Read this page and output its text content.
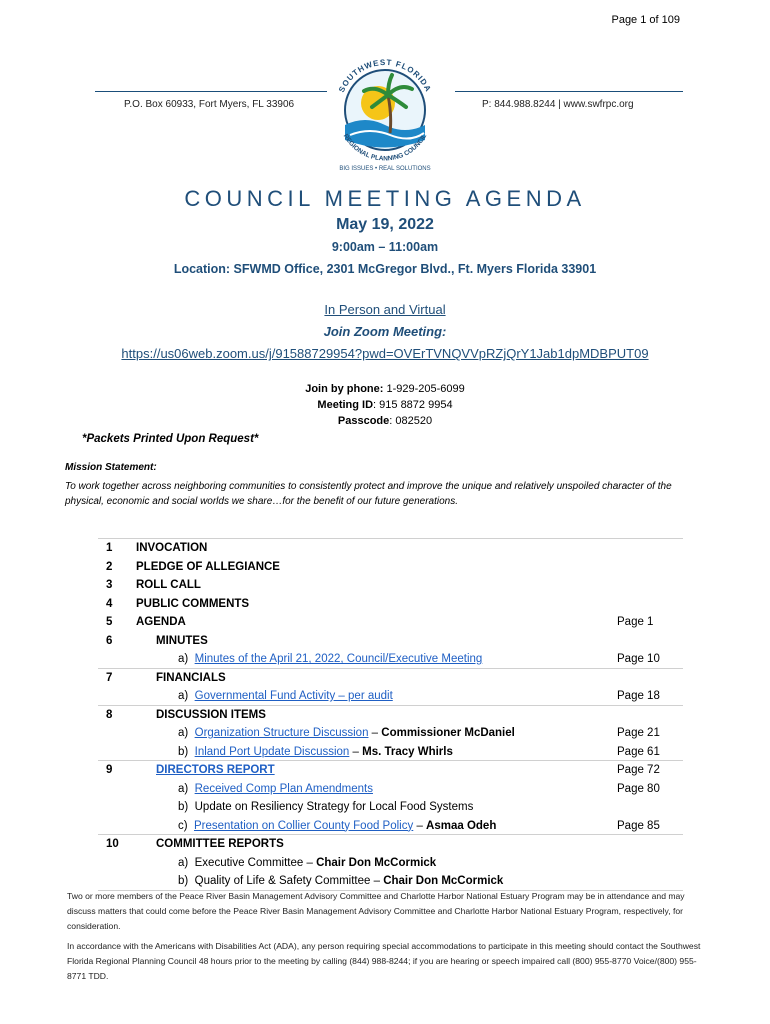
Page 1 of 109
P.O. Box 60933, Fort Myers, FL 33906	P: 844.988.8244 | www.swfrpc.org
SOUTHWEST FLORIDA
REGIONAL PLANNING COUNCIL
BIG ISSUES • REAL SOLUTIONS
COUNCIL MEETING AGENDA
May 19, 2022
9:00am – 11:00am
Location: SFWMD Office, 2301 McGregor Blvd., Ft. Myers Florida 33901
In Person and Virtual
Join Zoom Meeting:
https://us06web.zoom.us/j/91588729954?pwd=OVErTVNQVVpRZjQrY1Jab1dpMDBPUT09
Join by phone: 1-929-205-6099
Meeting ID: 915 8872 9954
Passcode: 082520
*Packets Printed Upon Request*
Mission Statement:
To work together across neighboring communities to consistently protect and improve the unique and relatively unspoiled character of the physical, economic and social worlds we share…for the benefit of our future generations.
1 INVOCATION
2 PLEDGE OF ALLEGIANCE
3 ROLL CALL
4 PUBLIC COMMENTS
5 AGENDA	Page 1
6	MINUTES
a) Minutes of the April 21, 2022, Council/Executive Meeting	Page 10
7	FINANCIALS
a) Governmental Fund Activity – per audit	Page 18
8	DISCUSSION ITEMS
a) Organization Structure Discussion – Commissioner McDaniel	Page 21
b) Inland Port Update Discussion – Ms. Tracy Whirls	Page 61
9	DIRECTORS REPORT	Page 72
a) Received Comp Plan Amendments	Page 80
b) Update on Resiliency Strategy for Local Food Systems
c) Presentation on Collier County Food Policy – Asmaa Odeh	Page 85
10	COMMITTEE REPORTS
a) Executive Committee – Chair Don McCormick
b) Quality of Life & Safety Committee – Chair Don McCormick
Two or more members of the Peace River Basin Management Advisory Committee and Charlotte Harbor National Estuary Program may be in attendance and may discuss matters that could come before the Peace River Basin Management Advisory Committee and Charlotte Harbor National Estuary Program, respectively, for consideration.
In accordance with the Americans with Disabilities Act (ADA), any person requiring special accommodations to participate in this meeting should contact the Southwest Florida Regional Planning Council 48 hours prior to the meeting by calling (844) 988-8244; if you are hearing or speech impaired call (800) 955-8770 Voice/(800) 955-8771 TDD.
